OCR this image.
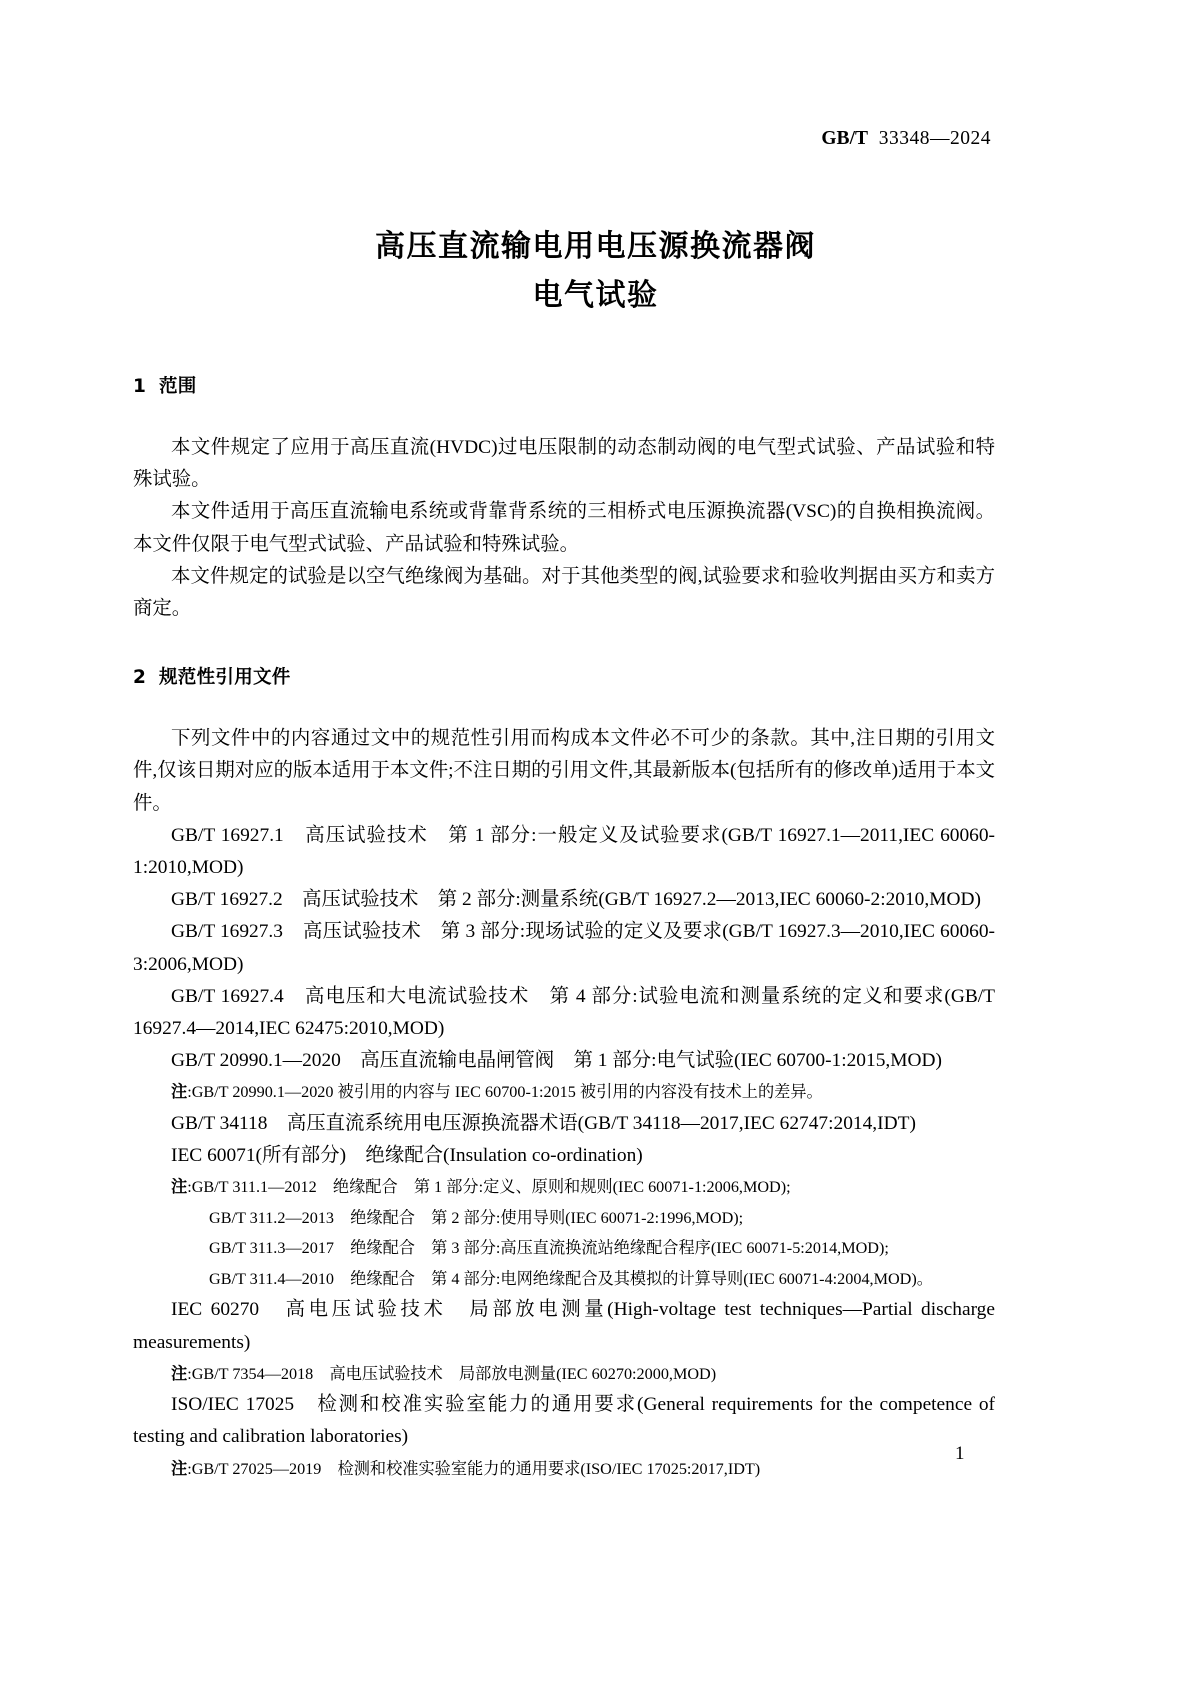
GB/T 33348—2024
高压直流输电用电压源换流器阀
电气试验
1 范围

本文件规定了应用于高压直流(HVDC)过电压限制的动态制动阀的电气型式试验、产品试验和特殊试验。

本文件适用于高压直流输电系统或背靠背系统的三相桥式电压源换流器(VSC)的自换相换流阀。本文件仅限于电气型式试验、产品试验和特殊试验。

本文件规定的试验是以空气绝缘阀为基础。对于其他类型的阀,试验要求和验收判据由买方和卖方商定。

2 规范性引用文件

下列文件中的内容通过文中的规范性引用而构成本文件必不可少的条款。其中,注日期的引用文件,仅该日期对应的版本适用于本文件;不注日期的引用文件,其最新版本(包括所有的修改单)适用于本文件。

GB/T 16927.1　高压试验技术　第 1 部分:一般定义及试验要求(GB/T 16927.1—2011,IEC 60060-1:2010,MOD)

GB/T 16927.2　高压试验技术　第 2 部分:测量系统(GB/T 16927.2—2013,IEC 60060-2:2010,MOD)

GB/T 16927.3　高压试验技术　第 3 部分:现场试验的定义及要求(GB/T 16927.3—2010,IEC 60060-3:2006,MOD)

GB/T 16927.4　高电压和大电流试验技术　第 4 部分:试验电流和测量系统的定义和要求(GB/T 16927.4—2014,IEC 62475:2010,MOD)

GB/T 20990.1—2020　高压直流输电晶闸管阀　第 1 部分:电气试验(IEC 60700-1:2015,MOD)

注:GB/T 20990.1—2020 被引用的内容与 IEC 60700-1:2015 被引用的内容没有技术上的差异。

GB/T 34118　高压直流系统用电压源换流器术语(GB/T 34118—2017,IEC 62747:2014,IDT)

IEC 60071(所有部分)　绝缘配合(Insulation co-ordination)

注:GB/T 311.1—2012　绝缘配合　第 1 部分:定义、原则和规则(IEC 60071-1:2006,MOD);

GB/T 311.2—2013　绝缘配合　第 2 部分:使用导则(IEC 60071-2:1996,MOD);

GB/T 311.3—2017　绝缘配合　第 3 部分:高压直流换流站绝缘配合程序(IEC 60071-5:2014,MOD);

GB/T 311.4—2010　绝缘配合　第 4 部分:电网绝缘配合及其模拟的计算导则(IEC 60071-4:2004,MOD)。

IEC 60270　高电压试验技术　局部放电测量(High-voltage test techniques—Partial discharge measurements)

注:GB/T 7354—2018　高电压试验技术　局部放电测量(IEC 60270:2000,MOD)

ISO/IEC 17025　检测和校准实验室能力的通用要求(General requirements for the competence of testing and calibration laboratories)

注:GB/T 27025—2019　检测和校准实验室能力的通用要求(ISO/IEC 17025:2017,IDT)

1
